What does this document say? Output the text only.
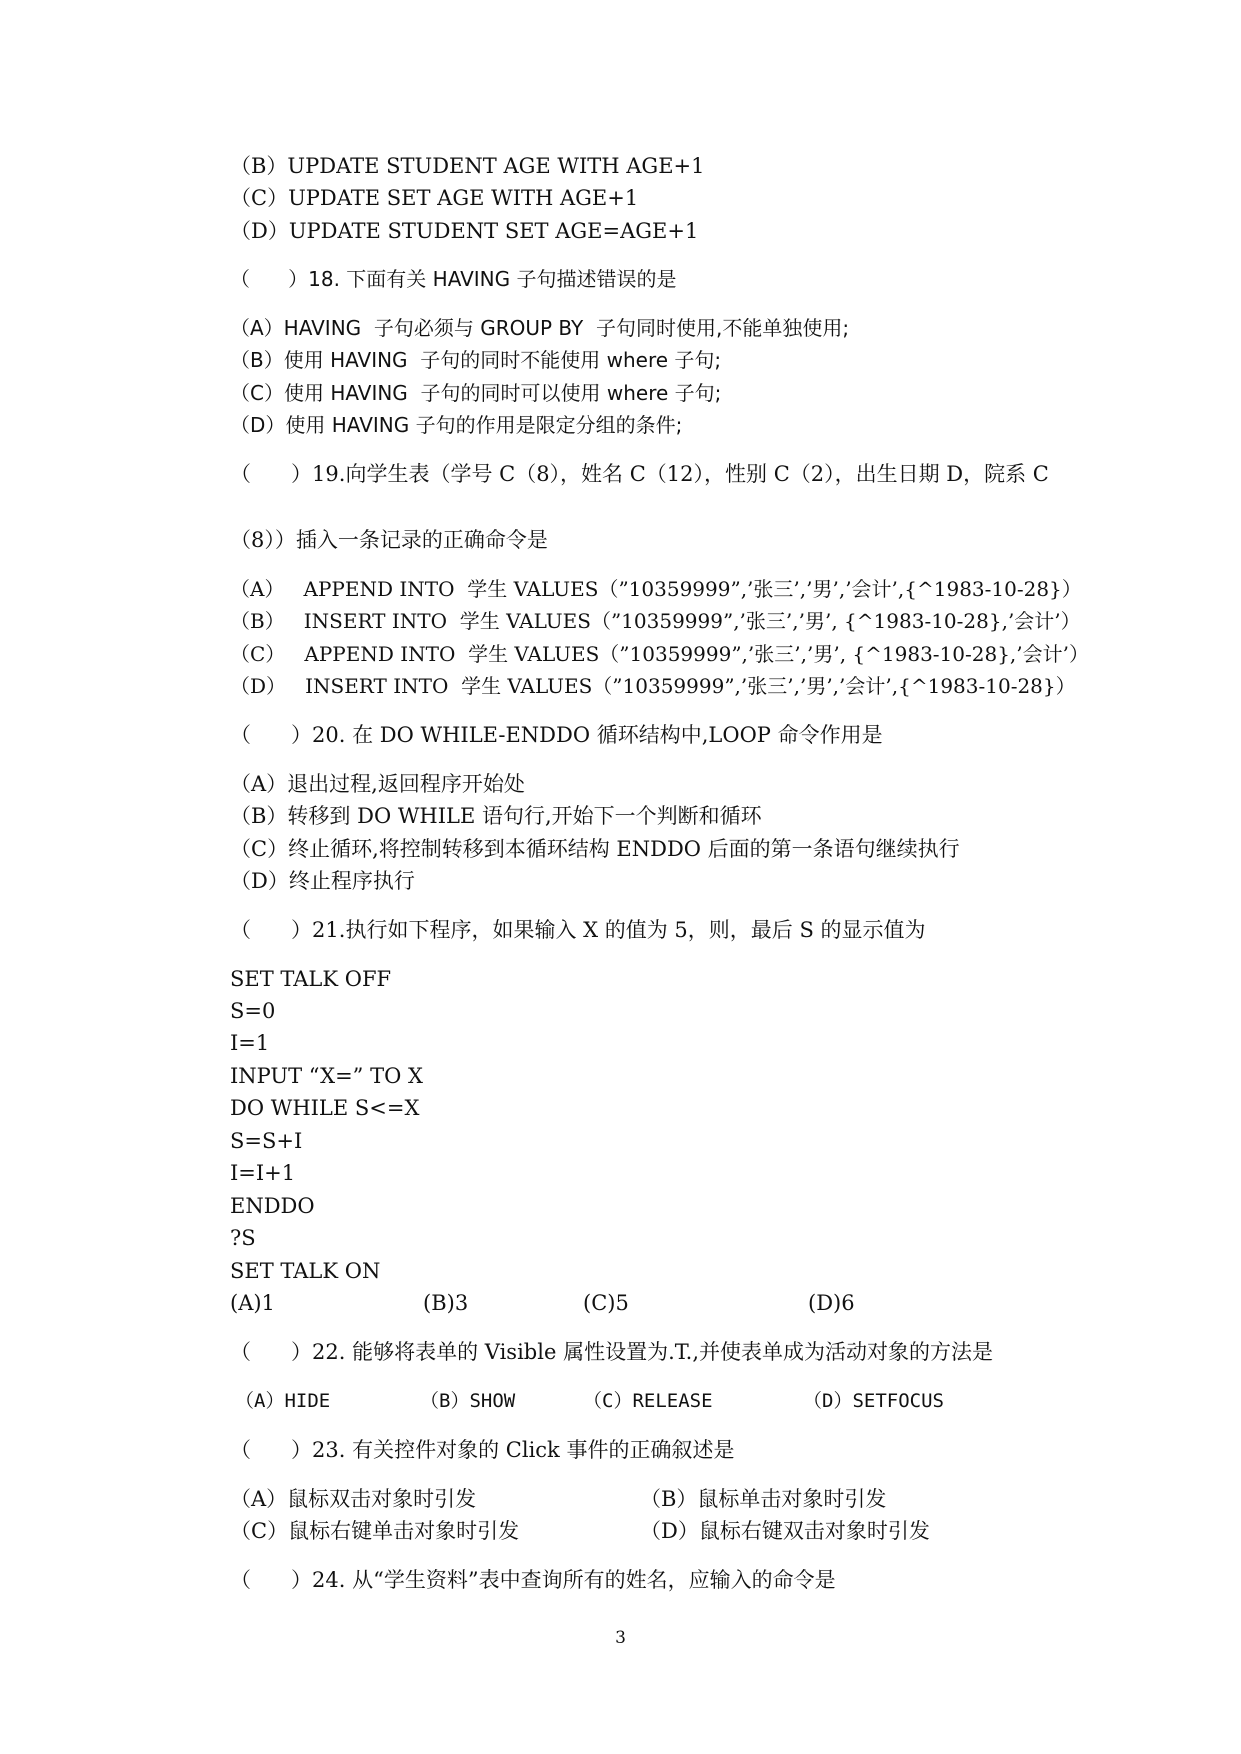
（B）UPDATE STUDENT AGE WITH AGE+1
（C）UPDATE SET AGE WITH AGE+1
（D）UPDATE STUDENT SET AGE=AGE+1
（      ）18. 下面有关 HAVING 子句描述错误的是
（A）HAVING  子句必须与 GROUP BY  子句同时使用,不能单独使用;
（B）使用 HAVING  子句的同时不能使用 where 子句;
（C）使用 HAVING  子句的同时可以使用 where 子句;
（D）使用 HAVING 子句的作用是限定分组的条件;
（      ）19.向学生表（学号 C（8），姓名 C（12），性别 C（2），出生日期 D，院系 C
（8））插入一条记录的正确命令是
（A）   APPEND INTO  学生 VALUES（”10359999”,’张三’,’男’,’会计’,{^1983-10-28}）
（B）   INSERT INTO  学生 VALUES（”10359999”,’张三’,’男’, {^1983-10-28},’会计’）
（C）   APPEND INTO  学生 VALUES（”10359999”,’张三’,’男’, {^1983-10-28},’会计’）
（D）   INSERT INTO  学生 VALUES（”10359999”,’张三’,’男’,’会计’,{^1983-10-28}）
（      ）20. 在 DO WHILE-ENDDO 循环结构中,LOOP 命令作用是
（A）退出过程,返回程序开始处
（B）转移到 DO WHILE 语句行,开始下一个判断和循环
（C）终止循环,将控制转移到本循环结构 ENDDO 后面的第一条语句继续执行
（D）终止程序执行
（      ）21.执行如下程序，如果输入 X 的值为 5，则，最后 S 的显示值为
SET TALK OFF
S=0
I=1
INPUT “X=” TO X
DO WHILE S<=X
S=S+I
I=I+1
ENDDO
?S
SET TALK ON
(A)1	(B)3	(C)5	(D)6
（      ）22. 能够将表单的 Visible 属性设置为.T.,并使表单成为活动对象的方法是
（A）HIDE	（B）SHOW	（C）RELEASE	（D）SETFOCUS
（      ）23. 有关控件对象的 Click 事件的正确叙述是
（A）鼠标双击对象时引发	（B）鼠标单击对象时引发
（C）鼠标右键单击对象时引发	（D）鼠标右键双击对象时引发
（      ）24. 从“学生资料”表中查询所有的姓名，应输入的命令是
3
